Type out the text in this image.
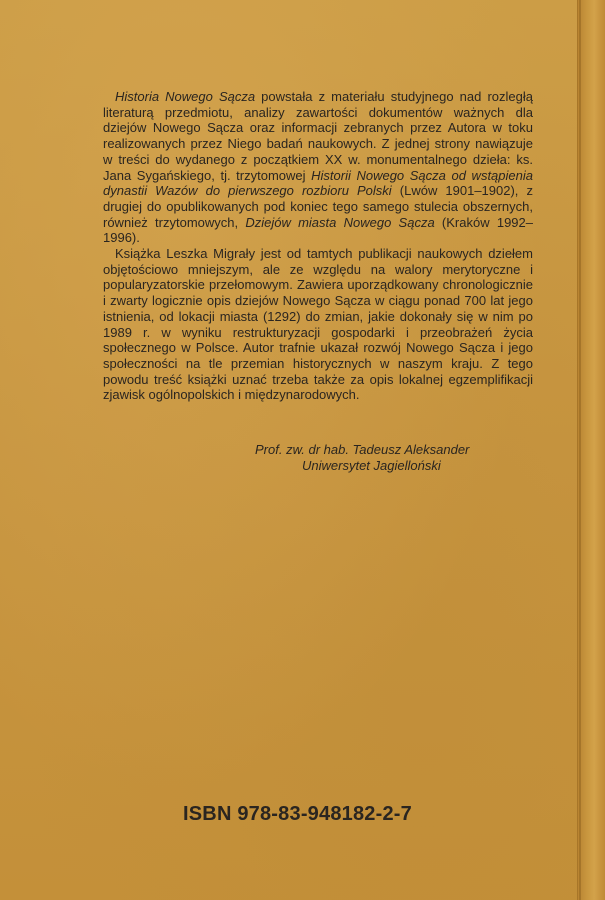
Historia Nowego Sącza powstała z materiału studyjnego nad rozległą literaturą przedmiotu, analizy zawartości dokumentów ważnych dla dziejów Nowego Sącza oraz informacji zebranych przez Autora w toku realizowanych przez Niego badań naukowych. Z jednej strony nawiązuje w treści do wydanego z początkiem XX w. monumentalnego dzieła: ks. Jana Sygańskiego, tj. trzytomowej Historii Nowego Sącza od wstąpienia dynastii Wazów do pierwszego rozbioru Polski (Lwów 1901–1902), z drugiej do opublikowanych pod koniec tego samego stulecia obszernych, również trzytomowych, Dziejów miasta Nowego Sącza (Kraków 1992–1996).

Książka Leszka Migrały jest od tamtych publikacji naukowych dziełem objętościowo mniejszym, ale ze względu na walory merytoryczne i popularyzatorskie przełomowym. Zawiera uporządkowany chronologicznie i zwarty logicznie opis dziejów Nowego Sącza w ciągu ponad 700 lat jego istnienia, od lokacji miasta (1292) do zmian, jakie dokonały się w nim po 1989 r. w wyniku restrukturyzacji gospodarki i przeobrażeń życia społecznego w Polsce. Autor trafnie ukazał rozwój Nowego Sącza i jego społeczności na tle przemian historycznych w naszym kraju. Z tego powodu treść książki uznać trzeba także za opis lokalnej egzemplifikacji zjawisk ogólnopolskich i międzynarodowych.

Prof. zw. dr hab. Tadeusz Aleksander
Uniwersytet Jagielloński
ISBN 978-83-948182-2-7
